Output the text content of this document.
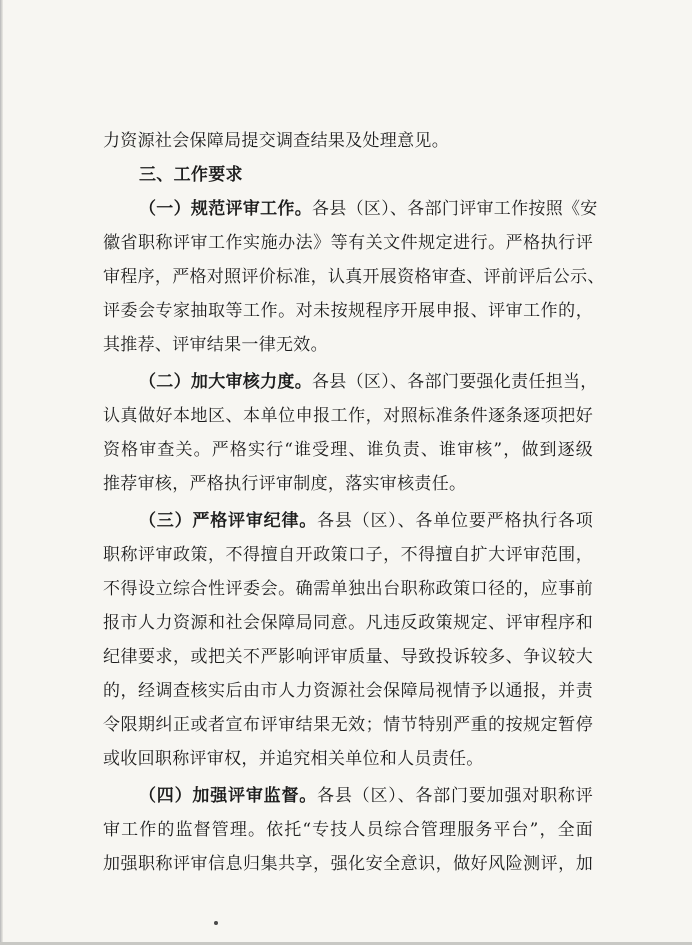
力资源社会保障局提交调查结果及处理意见。
三、工作要求
（一）规范评审工作。各县（区）、各部门评审工作按照《安
徽省职称评审工作实施办法》等有关文件规定进行。严格执行评
审程序，严格对照评价标准，认真开展资格审查、评前评后公示、
评委会专家抽取等工作。对未按规程序开展申报、评审工作的，
其推荐、评审结果一律无效。
（二）加大审核力度。各县（区）、各部门要强化责任担当，
认真做好本地区、本单位申报工作，对照标准条件逐条逐项把好
资格审查关。严格实行“谁受理、谁负责、谁审核”，做到逐级
推荐审核，严格执行评审制度，落实审核责任。
（三）严格评审纪律。各县（区）、各单位要严格执行各项
职称评审政策，不得擅自开政策口子，不得擅自扩大评审范围，
不得设立综合性评委会。确需单独出台职称政策口径的，应事前
报市人力资源和社会保障局同意。凡违反政策规定、评审程序和
纪律要求，或把关不严影响评审质量、导致投诉较多、争议较大
的，经调查核实后由市人力资源社会保障局视情予以通报，并责
令限期纠正或者宣布评审结果无效；情节特别严重的按规定暂停
或收回职称评审权，并追究相关单位和人员责任。
（四）加强评审监督。各县（区）、各部门要加强对职称评
审工作的监督管理。依托“专技人员综合管理服务平台”，全面
加强职称评审信息归集共享，强化安全意识，做好风险测评，加
